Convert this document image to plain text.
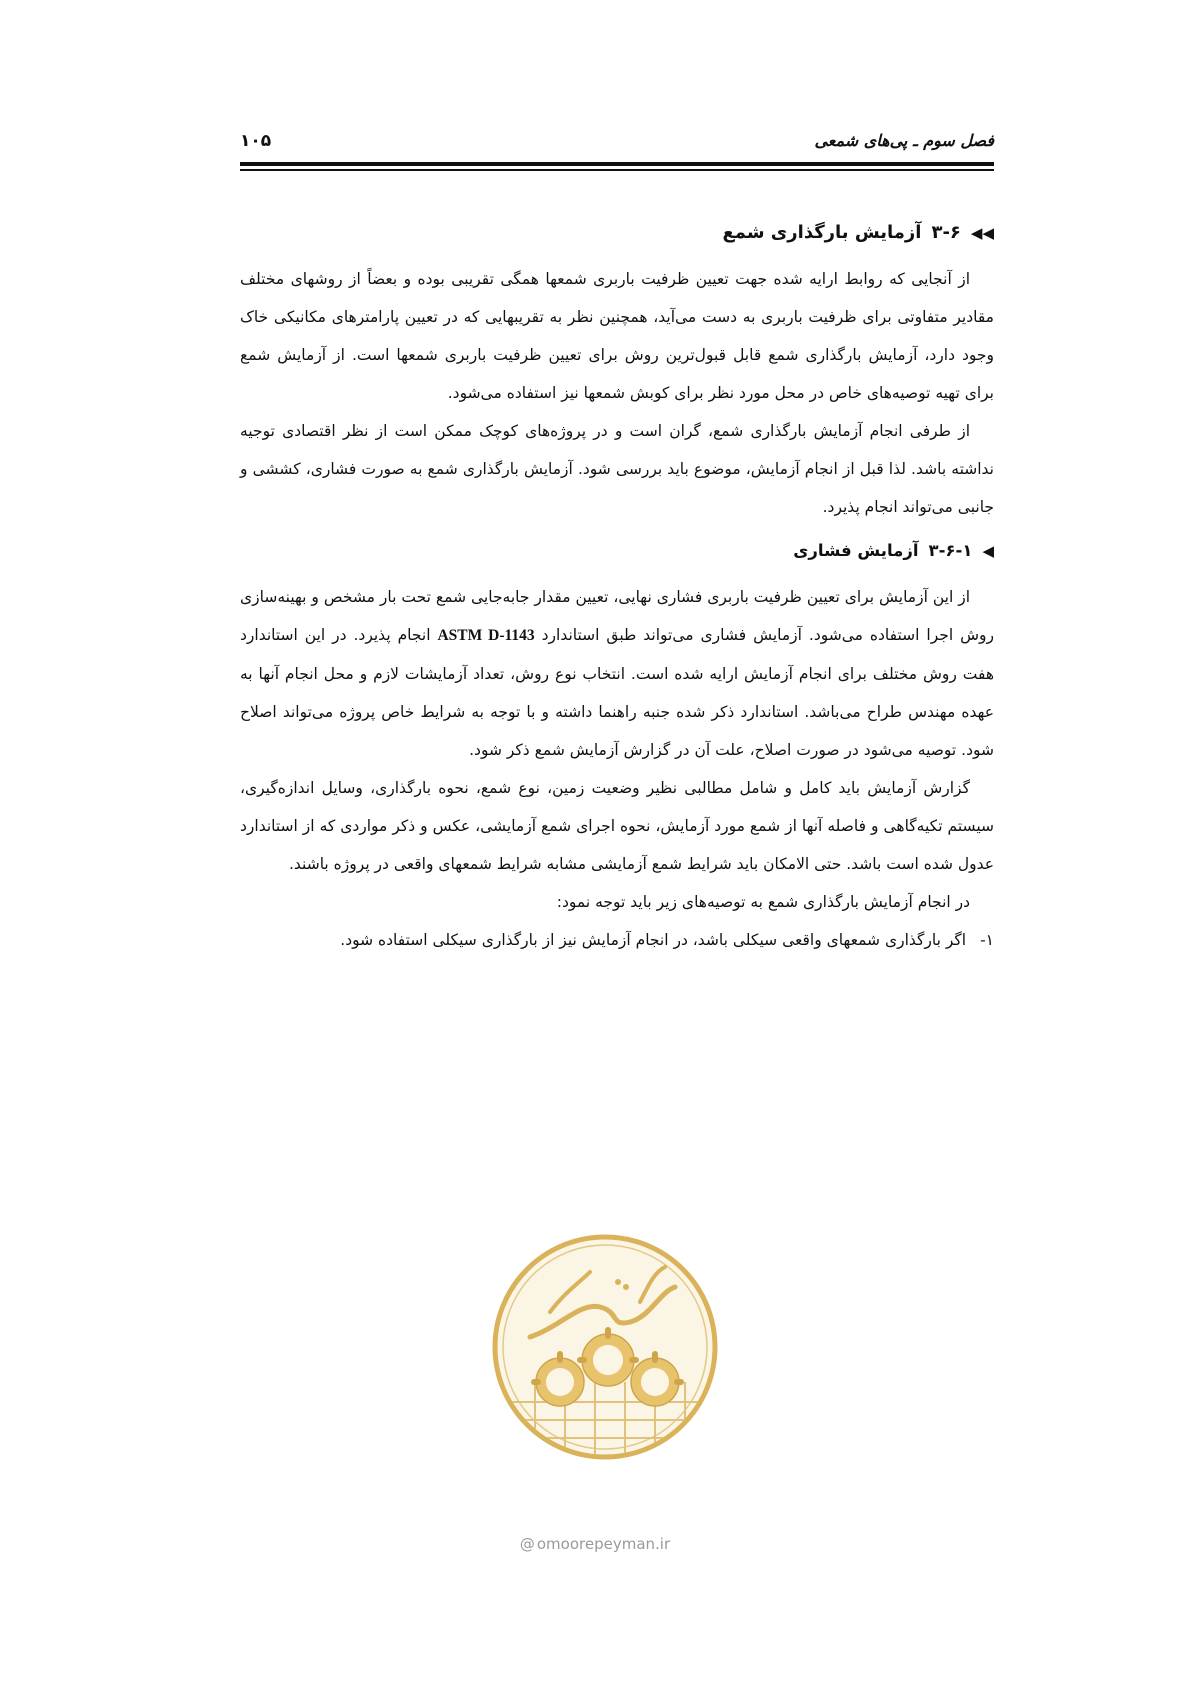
فصل سوم ـ پی‌های شمعی
۱۰۵
◀◀
۳-۶
آزمایش بارگذاری شمع

از آنجایی که روابط ارایه شده جهت تعیین ظرفیت باربری شمعها همگی تقریبی بوده و بعضاً از روشهای مختلف مقادیر متفاوتی برای ظرفیت باربری به دست می‌آید، همچنین نظر به تقریبهایی که در تعیین پارامترهای مکانیکی خاک وجود دارد، آزمایش بارگذاری شمع قابل قبول‌ترین روش برای تعیین ظرفیت باربری شمعها است. از آزمایش شمع برای تهیه توصیه‌های خاص در محل مورد نظر برای کوبش شمعها نیز استفاده می‌شود.

از طرفی انجام آزمایش بارگذاری شمع، گران است و در پروژه‌های کوچک ممکن است از نظر اقتصادی توجیه نداشته باشد. لذا قبل از انجام آزمایش، موضوع باید بررسی شود. آزمایش بارگذاری شمع به صورت فشاری، کششی و جانبی می‌تواند انجام پذیرد.

◀
۳-۶-۱
آزمایش فشاری

از این آزمایش برای تعیین ظرفیت باربری فشاری نهایی، تعیین مقدار جابه‌جایی شمع تحت بار مشخص و بهینه‌سازی روش اجرا استفاده می‌شود. آزمایش فشاری می‌تواند طبق استاندارد ASTM D-1143 انجام پذیرد. در این استاندارد هفت روش مختلف برای انجام آزمایش ارایه شده است. انتخاب نوع روش، تعداد آزمایشات لازم و محل انجام آنها به عهده مهندس طراح می‌باشد. استاندارد ذکر شده جنبه راهنما داشته و با توجه به شرایط خاص پروژه می‌تواند اصلاح شود. توصیه می‌شود در صورت اصلاح، علت آن در گزارش آزمایش شمع ذکر شود.

گزارش آزمایش باید کامل و شامل مطالبی نظیر وضعیت زمین، نوع شمع، نحوه بارگذاری، وسایل اندازه‌گیری، سیستم تکیه‌گاهی و فاصله آنها از شمع مورد آزمایش، نحوه اجرای شمع آزمایشی، عکس و ذکر مواردی که از استاندارد عدول شده است باشد. حتی الامکان باید شرایط شمع آزمایشی مشابه شرایط شمعهای واقعی در پروژه باشند.

در انجام آزمایش بارگذاری شمع به توصیه‌های زیر باید توجه نمود:

۱-
اگر بارگذاری شمعهای واقعی سیکلی باشد، در انجام آزمایش نیز از بارگذاری سیکلی استفاده شود.
@ omoorepeyman.ir
